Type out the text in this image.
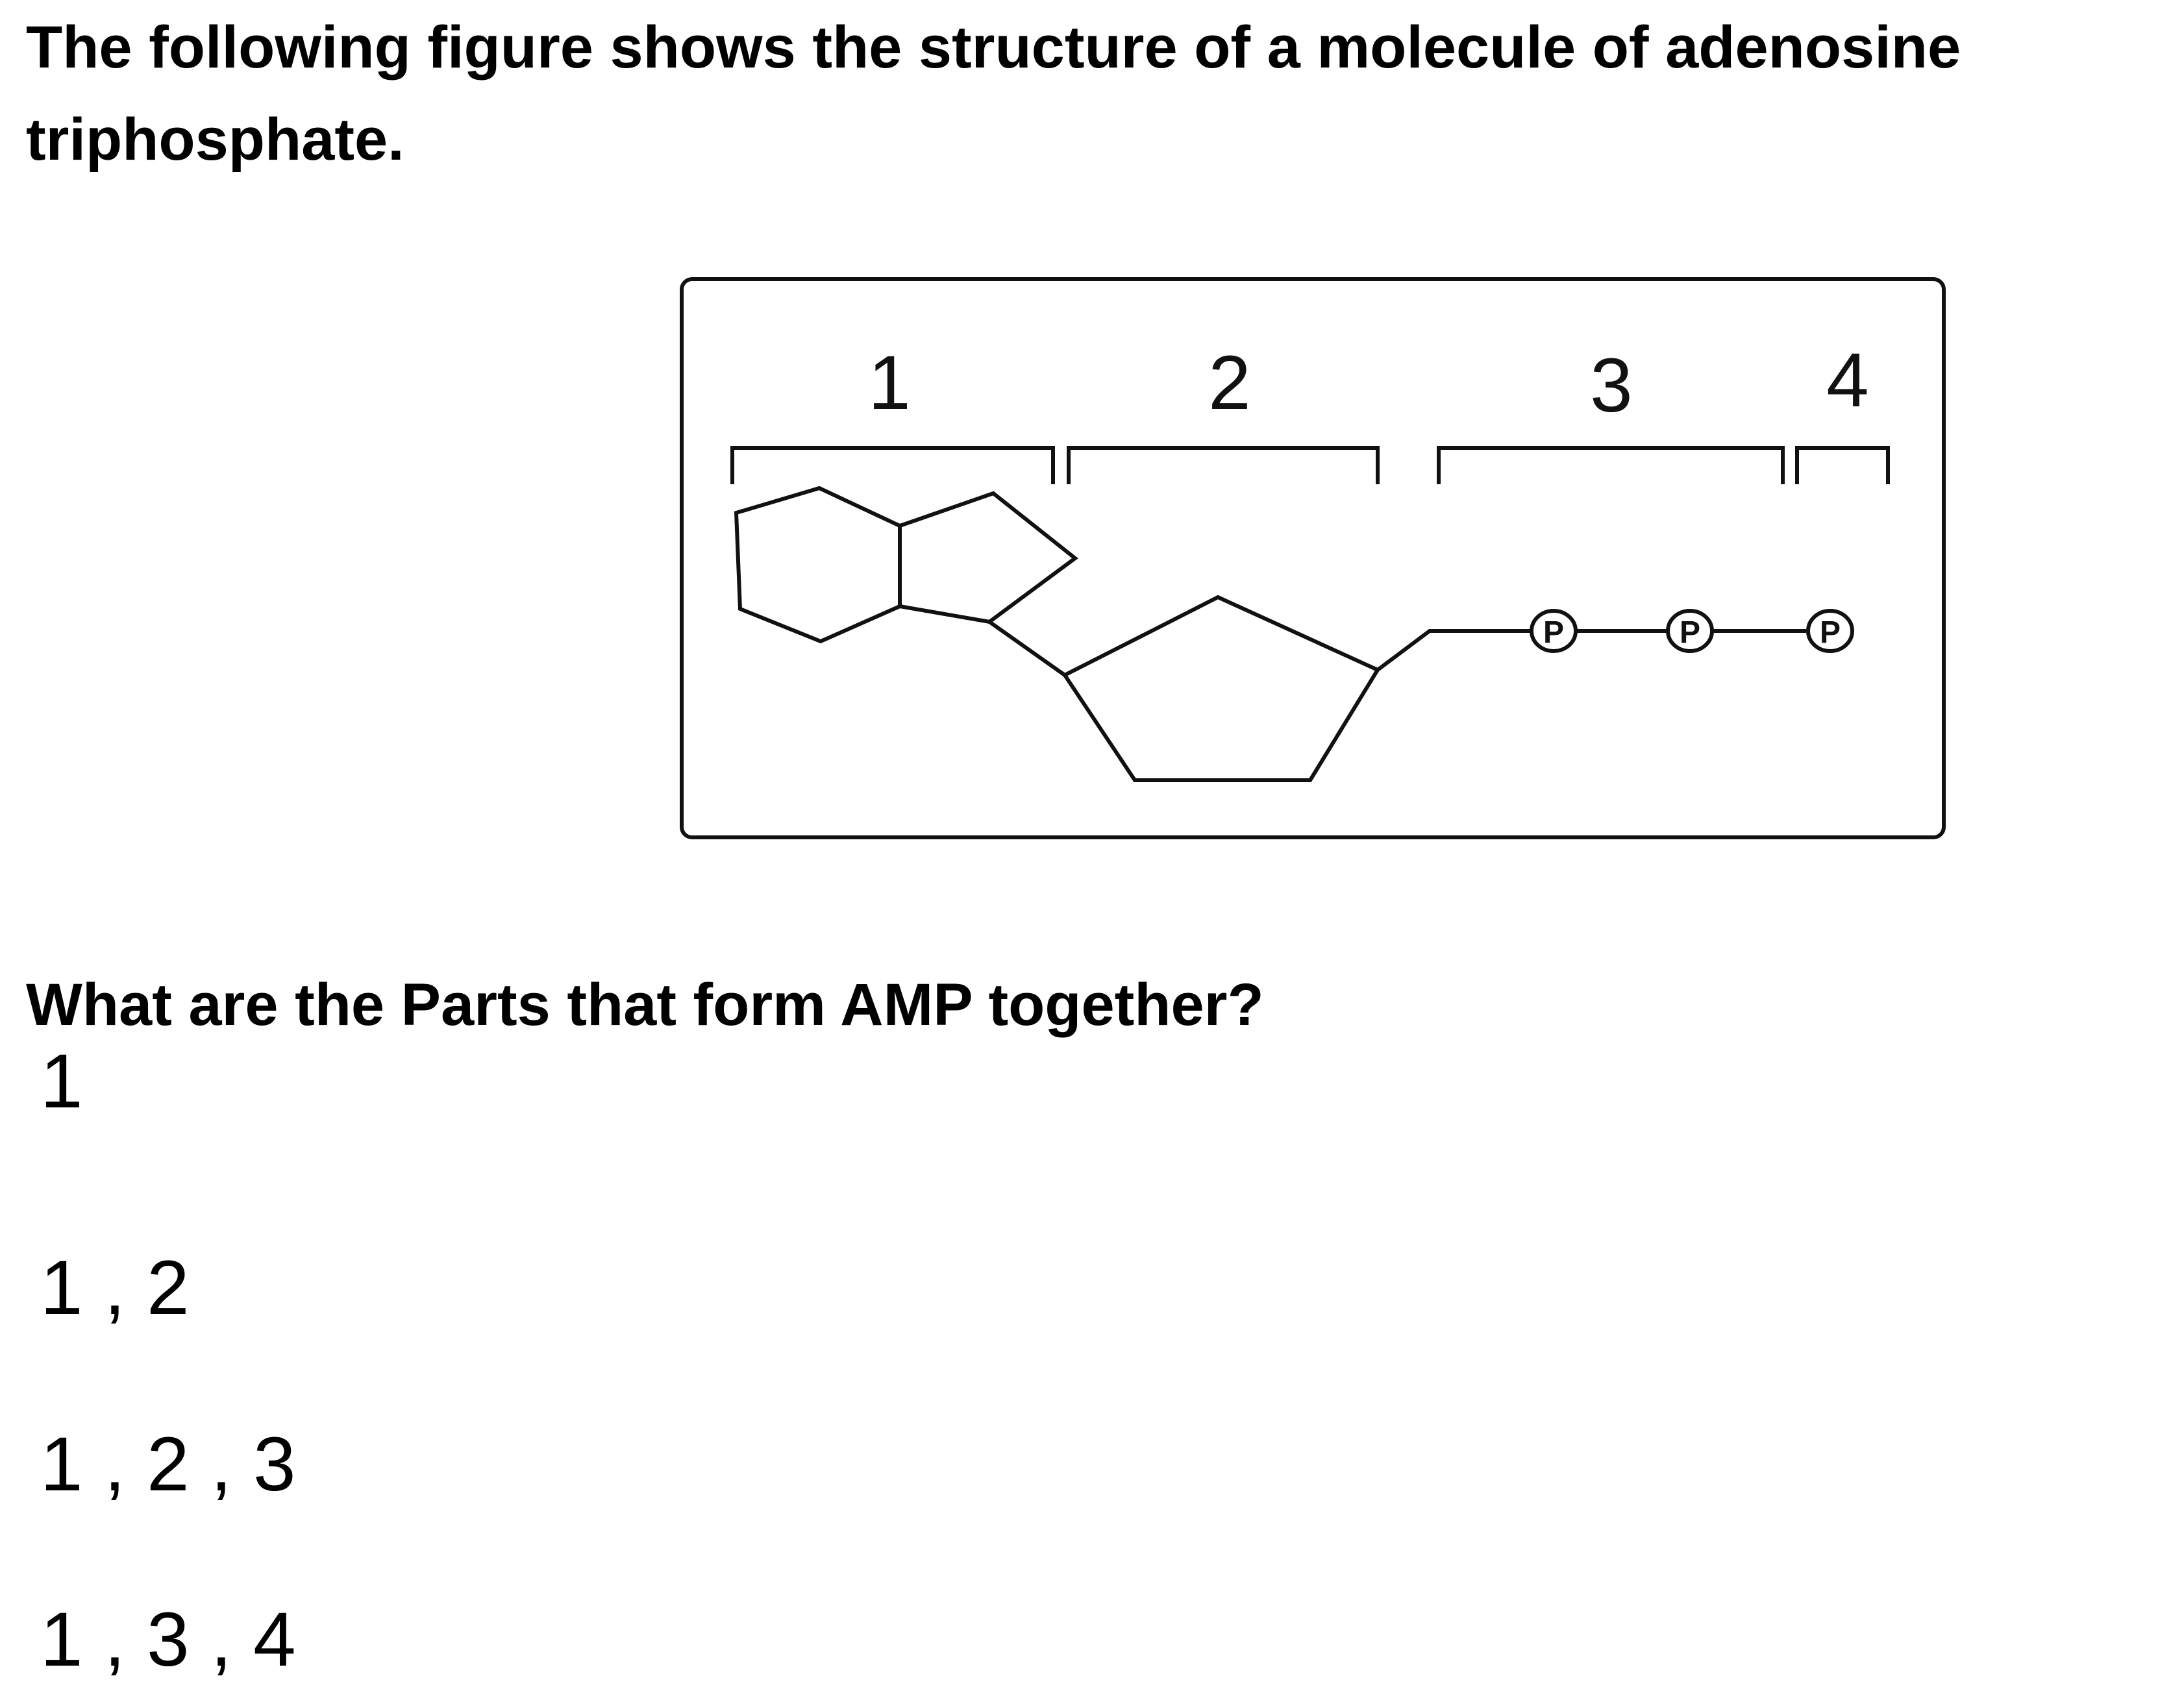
The following figure shows the structure of a molecule of adenosine triphosphate.

1	2	3	4
P	P	P

What are the Parts that form AMP together?

1
1 , 2
1 , 2 , 3
1 , 3 , 4
